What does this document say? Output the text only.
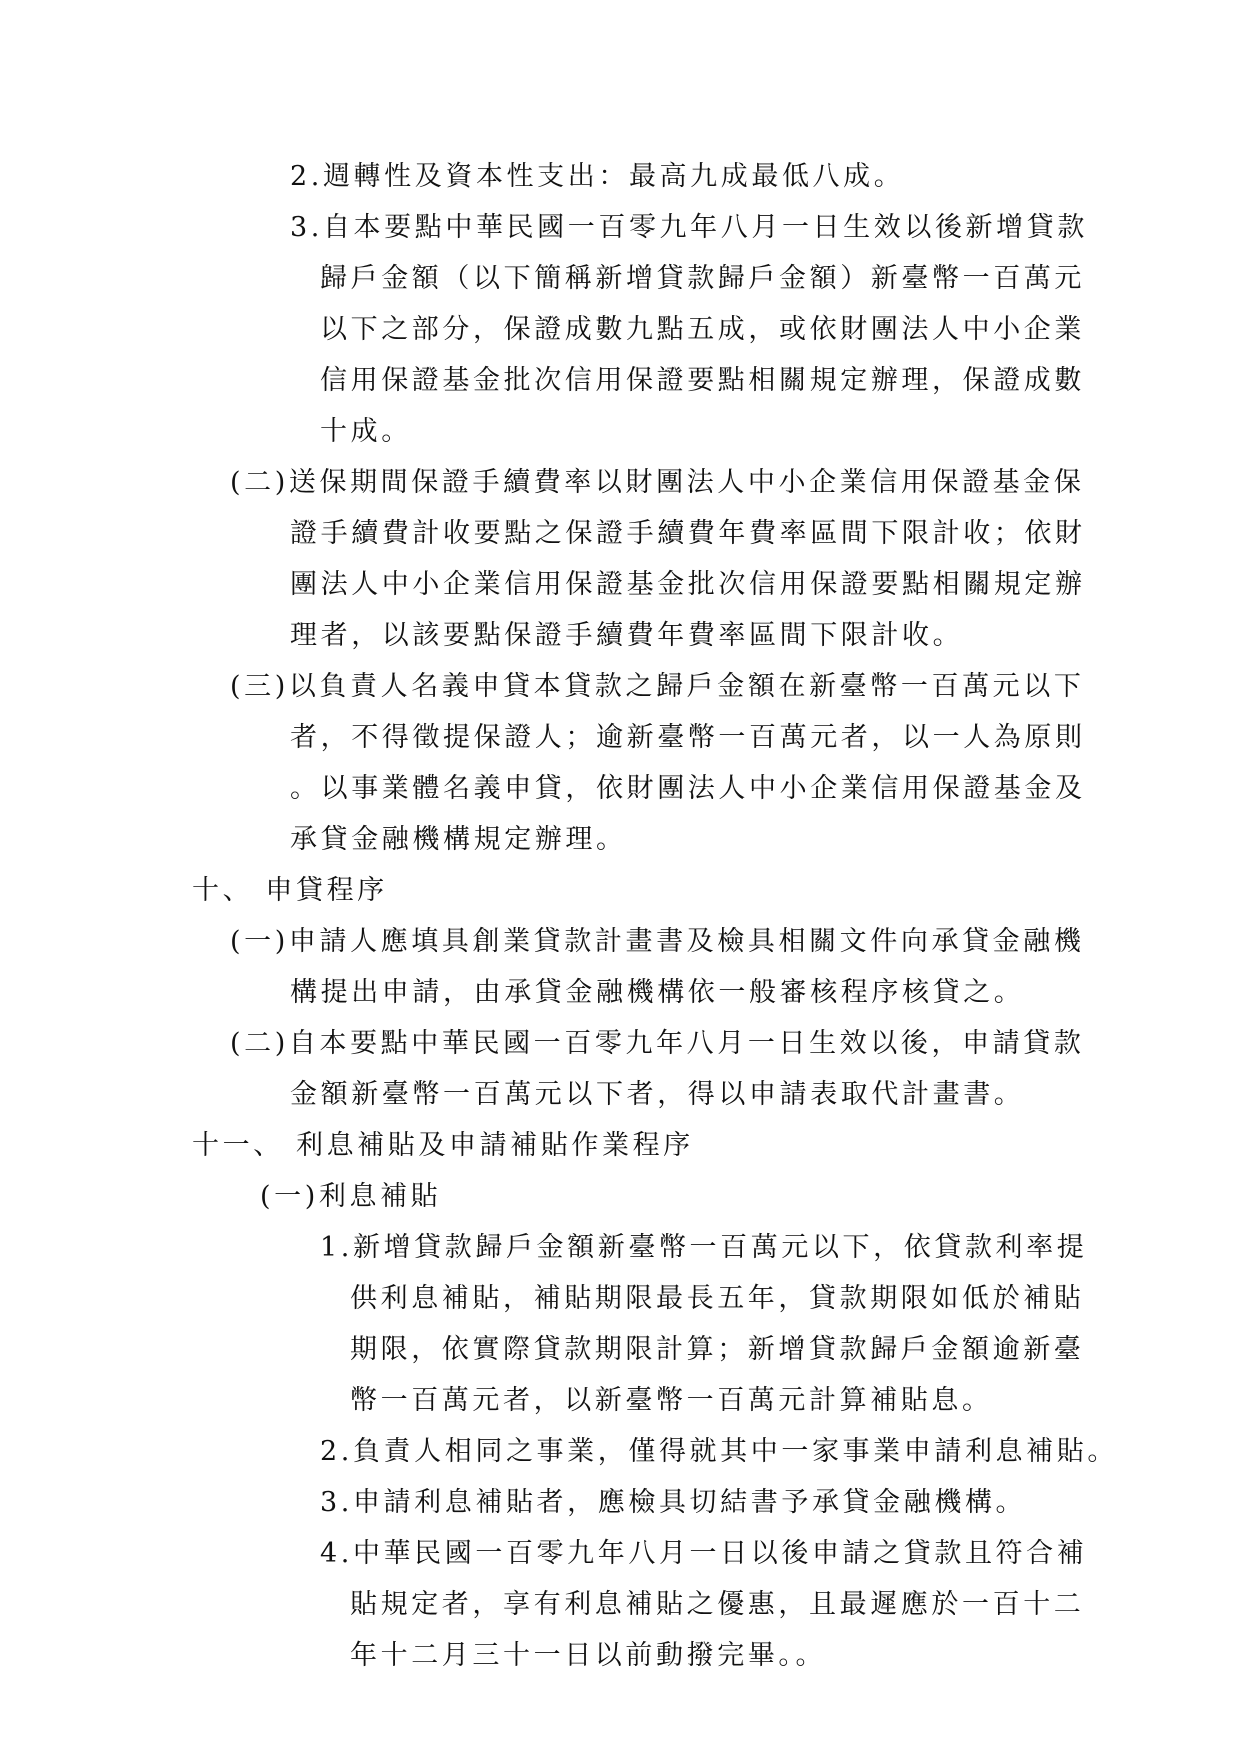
2.週轉性及資本性支出：最高九成最低八成。
3.自本要點中華民國一百零九年八月一日生效以後新增貸款
歸戶金額（以下簡稱新增貸款歸戶金額）新臺幣一百萬元
以下之部分，保證成數九點五成，或依財團法人中小企業
信用保證基金批次信用保證要點相關規定辦理，保證成數
十成。
(二)送保期間保證手續費率以財團法人中小企業信用保證基金保
證手續費計收要點之保證手續費年費率區間下限計收；依財
團法人中小企業信用保證基金批次信用保證要點相關規定辦
理者，以該要點保證手續費年費率區間下限計收。
(三)以負責人名義申貸本貸款之歸戶金額在新臺幣一百萬元以下
者，不得徵提保證人；逾新臺幣一百萬元者，以一人為原則
。以事業體名義申貸，依財團法人中小企業信用保證基金及
承貸金融機構規定辦理。
十、 申貸程序
(一)申請人應填具創業貸款計畫書及檢具相關文件向承貸金融機
構提出申請，由承貸金融機構依一般審核程序核貸之。
(二)自本要點中華民國一百零九年八月一日生效以後，申請貸款
金額新臺幣一百萬元以下者，得以申請表取代計畫書。
十一、 利息補貼及申請補貼作業程序
(一)利息補貼
1.新增貸款歸戶金額新臺幣一百萬元以下，依貸款利率提
供利息補貼，補貼期限最長五年，貸款期限如低於補貼
期限，依實際貸款期限計算；新增貸款歸戶金額逾新臺
幣一百萬元者，以新臺幣一百萬元計算補貼息。
2.負責人相同之事業，僅得就其中一家事業申請利息補貼。
3.申請利息補貼者，應檢具切結書予承貸金融機構。
4.中華民國一百零九年八月一日以後申請之貸款且符合補
貼規定者，享有利息補貼之優惠，且最遲應於一百十二
年十二月三十一日以前動撥完畢。。
